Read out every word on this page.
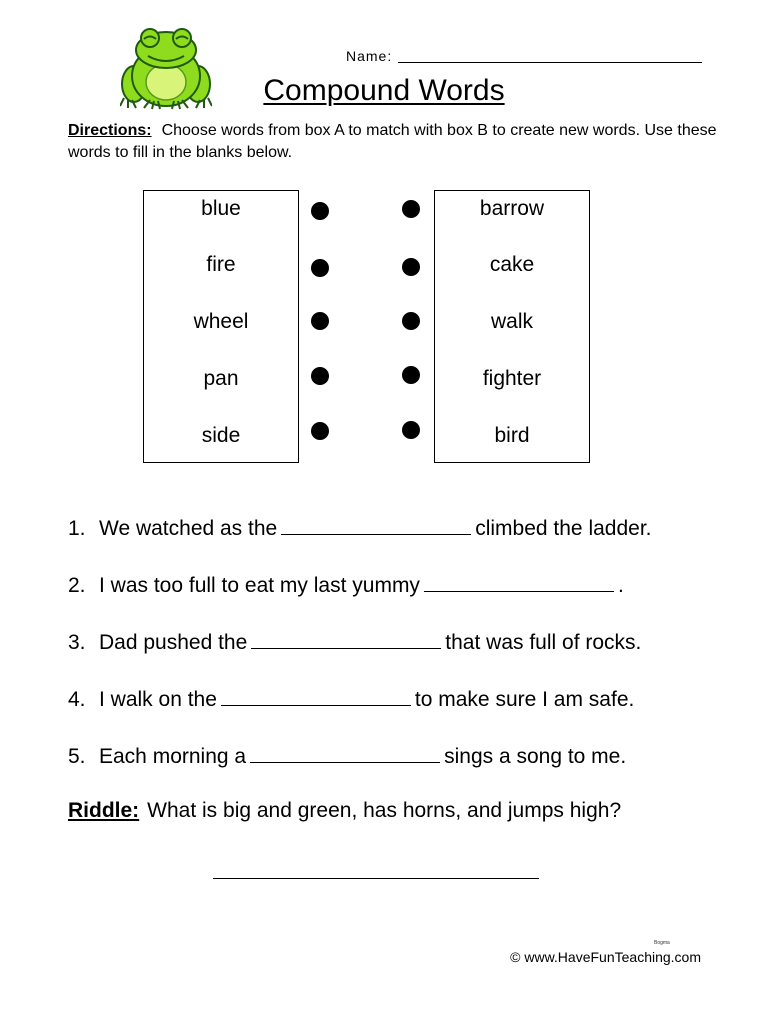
Name:
Compound Words
Directions: Choose words from box A to match with box B to create new words. Use these words to fill in the blanks below.
blue
fire
wheel
pan
side
barrow
cake
walk
fighter
bird
1. We watched as the	climbed the ladder.
2. I was too full to eat my last yummy	.
3. Dad pushed the	that was full of rocks.
4. I walk on the	to make sure I am safe.
5. Each morning a	sings a song to me.
Riddle: What is big and green, has horns, and jumps high?
Bogma
© www.HaveFunTeaching.com
